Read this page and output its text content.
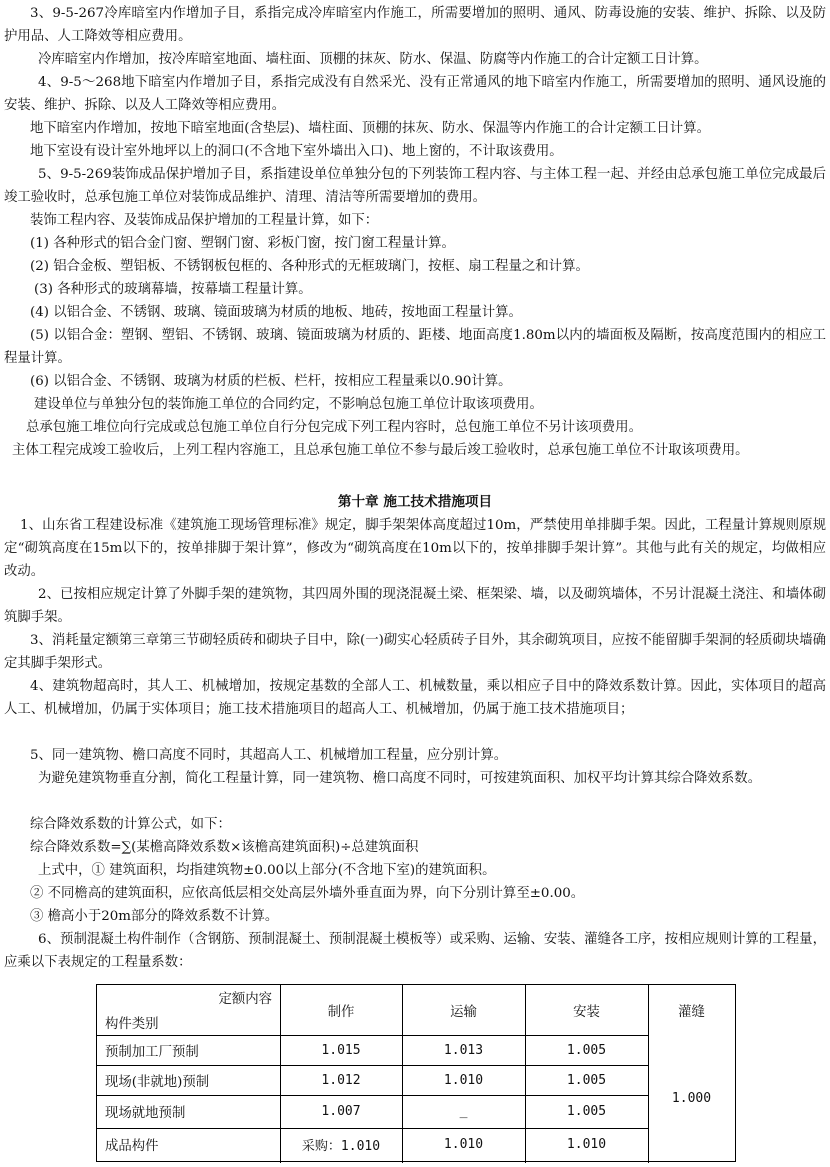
3、9-5-267冷库暗室内作增加子目，系指完成冷库暗室内作施工，所需要增加的照明、通风、防毒设施的安装、维护、拆除、以及防护用品、人工降效等相应费用。

冷库暗室内作增加，按冷库暗室地面、墙柱面、顶棚的抹灰、防水、保温、防腐等内作施工的合计定额工日计算。

4、9-5～268地下暗室内作增加子目，系指完成没有自然采光、没有正常通风的地下暗室内作施工，所需要增加的照明、通风设施的安装、维护、拆除、以及人工降效等相应费用。

地下暗室内作增加，按地下暗室地面(含垫层)、墙柱面、顶棚的抹灰、防水、保温等内作施工的合计定额工日计算。

地下室设有设计室外地坪以上的洞口(不含地下室外墙出入口)、地上窗的，不计取该费用。

5、9-5-269装饰成品保护增加子目，系指建设单位单独分包的下列装饰工程内容、与主体工程一起、并经由总承包施工单位完成最后竣工验收时，总承包施工单位对装饰成品维护、清理、清洁等所需要增加的费用。

装饰工程内容、及装饰成品保护增加的工程量计算，如下：

(1) 各种形式的铝合金门窗、塑钢门窗、彩板门窗，按门窗工程量计算。

(2) 铝合金板、塑铝板、不锈钢板包框的、各种形式的无框玻璃门，按框、扇工程量之和计算。

(3) 各种形式的玻璃幕墙，按幕墙工程量计算。

(4) 以铝合金、不锈钢、玻璃、镜面玻璃为材质的地板、地砖，按地面工程量计算。

(5) 以铝合金：塑钢、塑铝、不锈钢、玻璃、镜面玻璃为材质的、距楼、地面高度1.80m以内的墙面板及隔断，按高度范围内的相应工程量计算。

(6) 以铝合金、不锈钢、玻璃为材质的栏板、栏杆，按相应工程量乘以0.90计算。

建设单位与单独分包的装饰施工单位的合同约定，不影响总包施工单位计取该项费用。

总承包施工堆位向行完成或总包施工单位自行分包完成下列工程内容时，总包施工单位不另计该项费用。

主体工程完成竣工验收后，上列工程内容施工，且总承包施工单位不参与最后竣工验收时，总承包施工单位不计取该项费用。

第十章 施工技术措施项目

1、山东省工程建设标准《建筑施工现场管理标准》规定，脚手架架体高度超过10m，严禁使用单排脚手架。因此，工程量计算规则原规定“砌筑高度在15m以下的，按单排脚于架计算”，修改为“砌筑高度在10m以下的，按单排脚手架计算”。其他与此有关的规定，均做相应改动。

2、已按相应规定计算了外脚手架的建筑物，其四周外围的现浇混凝土梁、框架梁、墙，以及砌筑墙体，不另计混凝土浇注、和墙体砌筑脚手架。

3、消耗量定额第三章第三节砌轻质砖和砌块子目中，除(一)砌实心轻质砖子目外，其余砌筑项目，应按不能留脚手架洞的轻质砌块墙确定其脚手架形式。

4、建筑物超高时，其人工、机械增加，按规定基数的全部人工、机械数量，乘以相应子目中的降效系数计算。因此，实体项目的超高人工、机械增加，仍属于实体项目；施工技术措施项目的超高人工、机械增加，仍属于施工技术措施项目；

5、同一建筑物、檐口高度不同时，其超高人工、机械增加工程量，应分别计算。

为避免建筑物垂直分割，简化工程量计算，同一建筑物、檐口高度不同时，可按建筑面积、加权平均计算其综合降效系数。

综合降效系数的计算公式，如下：

综合降效系数=∑(某檐高降效系数×该檐高建筑面积)÷总建筑面积

上式中，① 建筑面积，均指建筑物±0.00以上部分(不含地下室)的建筑面积。

② 不同檐高的建筑面积，应依高低层相交处高层外墙外垂直面为界，向下分别计算至±0.00。

③ 檐高小于20m部分的降效系数不计算。

6、预制混凝土构件制作（含钢筋、预制混凝土、预制混凝土模板等）或采购、运输、安装、灌缝各工序，按相应规则计算的工程量，应乘以下表规定的工程量系数：

定额内容
构件类别
制作	运输	安装	灌缝
预制加工厂预制	1.015	1.013	1.005
现场(非就地)预制	1.012	1.010	1.005
现场就地预制	1.007	_	1.005
成品构件	采购：1.010	1.010	1.010
1.000
